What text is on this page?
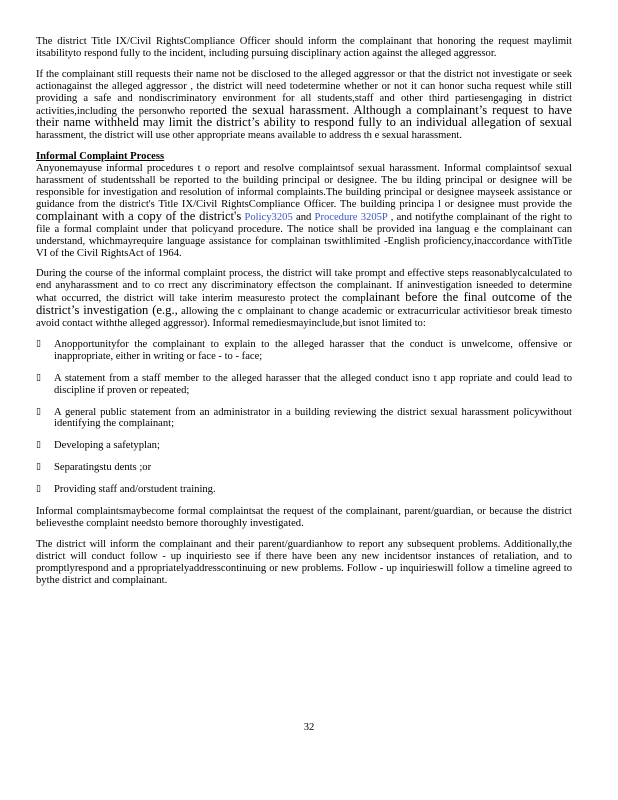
The district Title IX/Civil RightsCompliance Officer should inform the complainant that honoring the request maylimit itsabilityto respond fully to the incident, including pursuing disciplinary action against the alleged aggressor.

If the complainant still requests their name not be disclosed to the alleged aggressor or that the district not investigate or seek actionagainst the alleged aggressor , the district will need todetermine whether or not it can honor sucha request while still providing a safe and nondiscriminatory environment for all students,staff and other third partiesengaging in district activities,including the personwho reported the sexual harassment. Although a complainant’s request to have their name withheld may limit the district’s ability to respond fully to an individual allegation of sexual harassment, the district will use other appropriate means available to address th e sexual harassment.

Informal Complaint Process
Anyonemayuse informal procedures t o report and resolve complaintsof sexual harassment. Informal complaintsof sexual harassment of studentsshall be reported to the building principal or designee. The bu ilding principal or designee will be responsible for investigation and resolution of informal complaints.The building principal or designee mayseek assistance or guidance from the district's Title IX/Civil RightsCompliance Officer. The building principa l or designee must provide the complainant with a copy of the district's Policy3205 and Procedure 3205P , and notifythe complainant of the right to file a formal complaint under that policyand procedure. The notice shall be provided ina languag e the complainant can understand, whichmayrequire language assistance for complainan tswithlimited -English proficiency,inaccordance withTitle VI of the Civil RightsAct of 1964.

During the course of the informal complaint process, the district will take prompt and effective steps reasonablycalculated to end anyharassment and to co rrect any discriminatory effectson the complainant. If aninvestigation isneeded to determine what occurred, the district will take interim measuresto protect the complainant before the final outcome of the district’s investigation (e.g., allowing the c omplainant to change academic or extracurricular activitiesor break timesto avoid contact withthe alleged aggressor). Informal remediesmayinclude,but isnot limited to:

▯ Anopportunityfor the complainant to explain to the alleged harasser that the conduct is unwelcome, offensive or inappropriate, either in writing or face - to - face;
▯ A statement from a staff member to the alleged harasser that the alleged conduct isno t app ropriate and could lead to discipline if proven or repeated;
▯ A general public statement from an administrator in a building reviewing the district sexual harassment policywithout identifying the complainant;
▯ Developing a safetyplan;
▯ Separatingstu dents ;or
▯ Providing staff and/orstudent training.

Informal complaintsmaybecome formal complaintsat the request of the complainant, parent/guardian, or because the district believesthe complaint needsto bemore thoroughly investigated.

The district will inform the complainant and their parent/guardianhow to report any subsequent problems. Additionally,the district will conduct follow - up inquiriesto see if there have been any new incidentsor instances of retaliation, and to promptlyrespond and a ppropriatelyaddresscontinuing or new problems. Follow - up inquirieswill follow a timeline agreed to bythe district and complainant.

32
